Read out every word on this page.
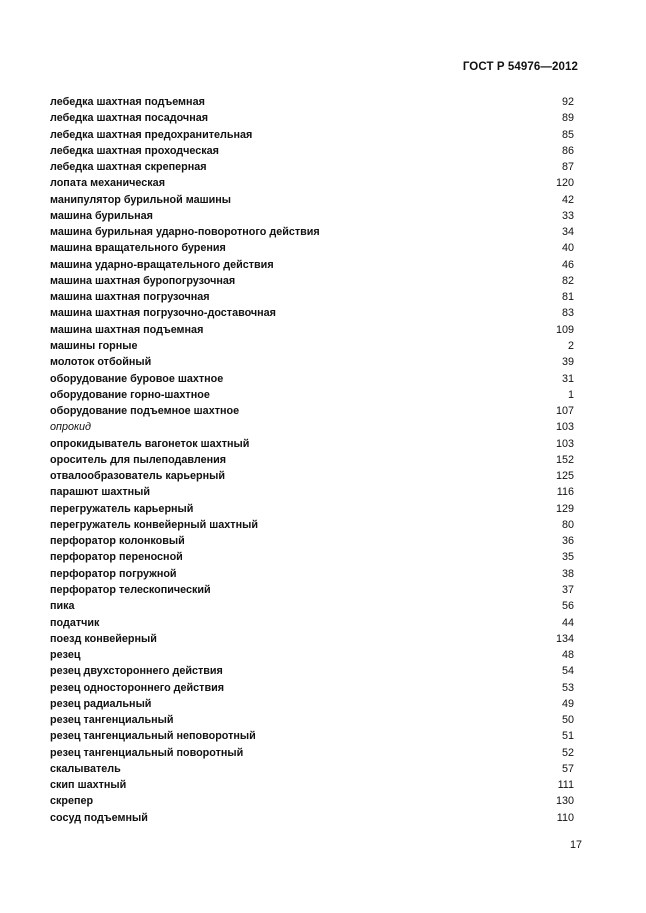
ГОСТ Р 54976—2012
лебедка шахтная подъемная	92
лебедка шахтная посадочная	89
лебедка шахтная предохранительная	85
лебедка шахтная проходческая	86
лебедка шахтная скреперная	87
лопата механическая	120
манипулятор бурильной машины	42
машина бурильная	33
машина бурильная ударно-поворотного действия	34
машина вращательного бурения	40
машина ударно-вращательного действия	46
машина шахтная буропогрузочная	82
машина шахтная погрузочная	81
машина шахтная погрузочно-доставочная	83
машина шахтная подъемная	109
машины горные	2
молоток отбойный	39
оборудование буровое шахтное	31
оборудование горно-шахтное	1
оборудование подъемное шахтное	107
опрокид	103
опрокидыватель вагонеток шахтный	103
ороситель для пылеподавления	152
отвалообразователь карьерный	125
парашют шахтный	116
перегружатель карьерный	129
перегружатель конвейерный шахтный	80
перфоратор колонковый	36
перфоратор переносной	35
перфоратор погружной	38
перфоратор телескопический	37
пика	56
податчик	44
поезд конвейерный	134
резец	48
резец двухстороннего действия	54
резец одностороннего действия	53
резец радиальный	49
резец тангенциальный	50
резец тангенциальный неповоротный	51
резец тангенциальный поворотный	52
скалыватель	57
скип шахтный	111
скрепер	130
сосуд подъемный	110
17
